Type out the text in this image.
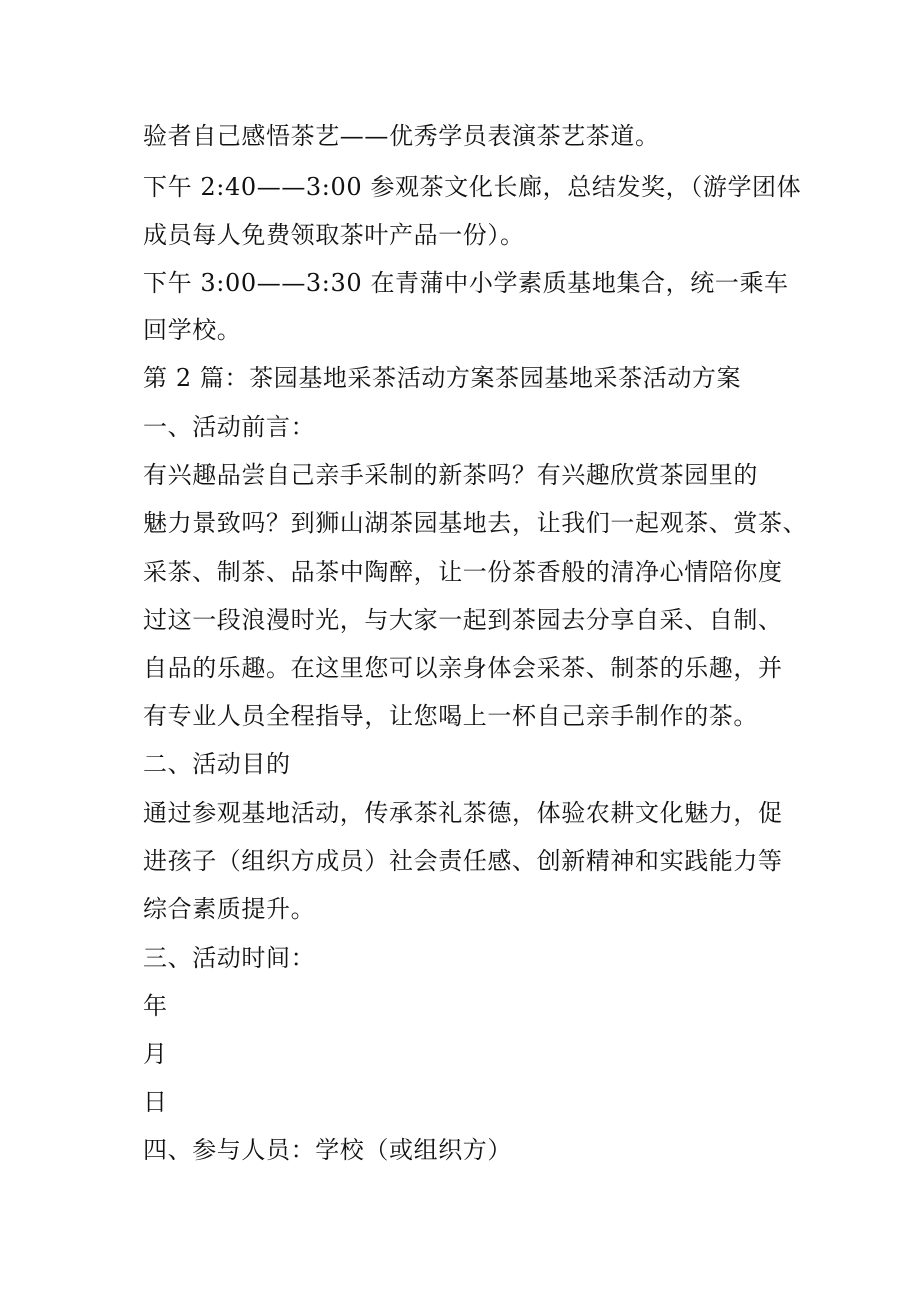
验者自己感悟茶艺——优秀学员表演茶艺茶道。
下午 2:40——3:00 参观茶文化长廊，总结发奖，（游学团体
成员每人免费领取茶叶产品一份）。
下午 3:00——3:30 在青蒲中小学素质基地集合，统一乘车
回学校。
第 2 篇：茶园基地采茶活动方案茶园基地采茶活动方案
一、活动前言：
有兴趣品尝自己亲手采制的新茶吗？有兴趣欣赏茶园里的
魅力景致吗？到狮山湖茶园基地去，让我们一起观茶、赏茶、
采茶、制茶、品茶中陶醉，让一份茶香般的清净心情陪你度
过这一段浪漫时光，与大家一起到茶园去分享自采、自制、
自品的乐趣。在这里您可以亲身体会采茶、制茶的乐趣，并
有专业人员全程指导，让您喝上一杯自己亲手制作的茶。
二、活动目的
通过参观基地活动，传承茶礼茶德，体验农耕文化魅力，促
进孩子（组织方成员）社会责任感、创新精神和实践能力等
综合素质提升。
三、活动时间：
年
月
日
四、参与人员：学校（或组织方）
